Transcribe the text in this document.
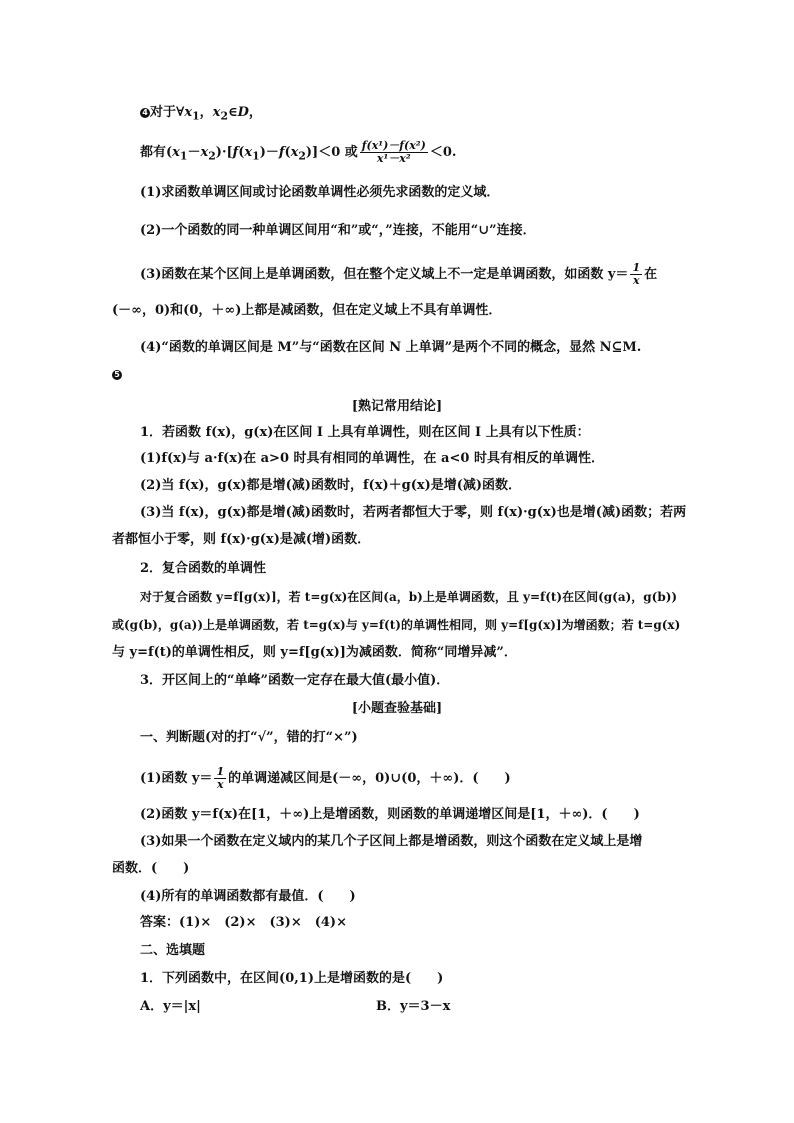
4 对于$\forall x_1$，$x_2\in D$，
都有$(x_1-x_2)\cdot[f(x_1)-f(x_2)]<0$ 或 $\frac{\text{f(x¹)－f(x²)}}{\text{x¹－x²}} <0$.
(1)求函数单调区间或讨论函数单调性必须先求函数的定义域．
(2)一个函数的同一种单调区间用“和”或“，”连接，不能用“∪”连接．
(3)函数在某个区间上是单调函数，但在整个定义域上不一定是单调函数，如函数 $y= \frac{1}{x}$ 在
(－∞，0)和(0，＋∞)上都是减函数，但在定义域上不具有单调性．
(4)“函数的单调区间是 M”与“函数在区间 N 上单调”是两个不同的概念，显然 N⊆M.
5
[熟记常用结论]
1．若函数 f(x)，g(x)在区间 I 上具有单调性，则在区间 I 上具有以下性质：
(1)f(x)与 a·f(x)在 a>0 时具有相同的单调性，在 a<0 时具有相反的单调性．
(2)当 f(x)，g(x)都是增(减)函数时，f(x)＋g(x)是增(减)函数．
(3)当 f(x)，g(x)都是增(减)函数时，若两者都恒大于零，则 f(x)·g(x)也是增(减)函数；若两
者都恒小于零，则 f(x)·g(x)是减(增)函数．
2．复合函数的单调性
对于复合函数 y=f[g(x)]，若 t=g(x)在区间(a，b)上是单调函数，且 y=f(t)在区间(g(a)，g(b))
或(g(b)，g(a))上是单调函数，若 t=g(x)与 y=f(t)的单调性相同，则 y=f[g(x)]为增函数；若 t=g(x)
与 y=f(t)的单调性相反，则 y=f[g(x)]为减函数．简称“同增异减”．
3．开区间上的“单峰”函数一定存在最大值(最小值)．
[小题查验基础]
一、判断题(对的打“√”，错的打“×”)
(1)函数 $y= \frac{1}{x}$ 的单调递减区间是(－∞，0)∪(0，＋∞)．(　　)
(2)函数 y＝f(x)在[1，＋∞)上是增函数，则函数的单调递增区间是[1，＋∞)．(　　)
(3)如果一个函数在定义域内的某几个子区间上都是增函数，则这个函数在定义域上是增
函数．(　　)
(4)所有的单调函数都有最值．(　　)
答案：(1)×　(2)×　(3)×　(4)×
二、选填题
1．下列函数中，在区间(0,1)上是增函数的是(　　)
A．y＝|x|	B．y＝3－x
